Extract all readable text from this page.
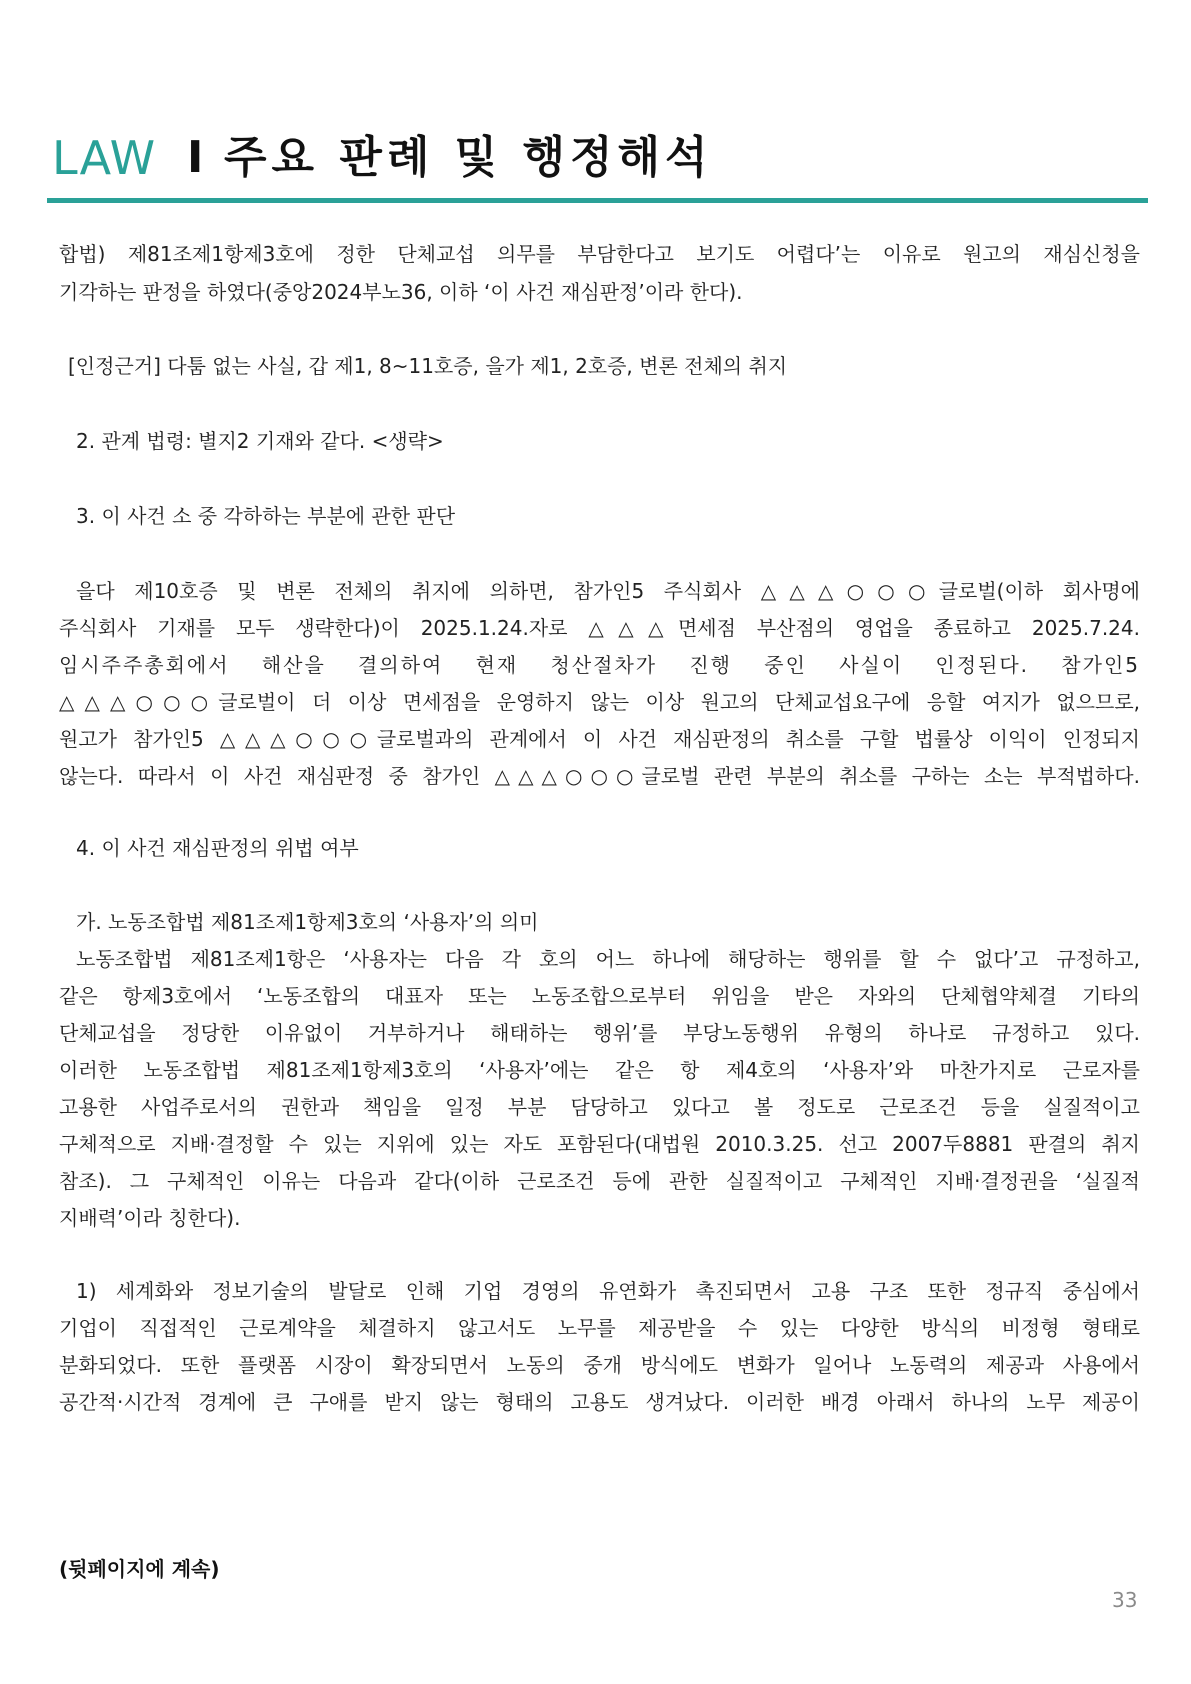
LAW I 주요 판례 및 행정해석
합법) 제81조제1항제3호에 정한 단체교섭 의무를 부담한다고 보기도 어렵다’는 이유로 원고의 재심신청을
기각하는 판정을 하였다(중앙2024부노36, 이하 ‘이 사건 재심판정’이라 한다).
[인정근거] 다툼 없는 사실, 갑 제1, 8~11호증, 을가 제1, 2호증, 변론 전체의 취지
2. 관계 법령: 별지2 기재와 같다. <생략>
3. 이 사건 소 중 각하하는 부분에 관한 판단
을다 제10호증 및 변론 전체의 취지에 의하면, 참가인5 주식회사 △△△○○○글로벌(이하 회사명에
주식회사 기재를 모두 생략한다)이 2025.1.24.자로 △△△면세점 부산점의 영업을 종료하고 2025.7.24.
임시주주총회에서 해산을 결의하여 현재 청산절차가 진행 중인 사실이 인정된다. 참가인5
△△△○○○글로벌이 더 이상 면세점을 운영하지 않는 이상 원고의 단체교섭요구에 응할 여지가 없으므로,
원고가 참가인5 △△△○○○글로벌과의 관계에서 이 사건 재심판정의 취소를 구할 법률상 이익이 인정되지
않는다. 따라서 이 사건 재심판정 중 참가인 △△△○○○글로벌 관련 부분의 취소를 구하는 소는 부적법하다.
4. 이 사건 재심판정의 위법 여부
가. 노동조합법 제81조제1항제3호의 ‘사용자’의 의미
노동조합법 제81조제1항은 ‘사용자는 다음 각 호의 어느 하나에 해당하는 행위를 할 수 없다’고 규정하고,
같은 항제3호에서 ‘노동조합의 대표자 또는 노동조합으로부터 위임을 받은 자와의 단체협약체결 기타의
단체교섭을 정당한 이유없이 거부하거나 해태하는 행위’를 부당노동행위 유형의 하나로 규정하고 있다.
이러한 노동조합법 제81조제1항제3호의 ‘사용자’에는 같은 항 제4호의 ‘사용자’와 마찬가지로 근로자를
고용한 사업주로서의 권한과 책임을 일정 부분 담당하고 있다고 볼 정도로 근로조건 등을 실질적이고
구체적으로 지배·결정할 수 있는 지위에 있는 자도 포함된다(대법원 2010.3.25. 선고 2007두8881 판결의 취지
참조). 그 구체적인 이유는 다음과 같다(이하 근로조건 등에 관한 실질적이고 구체적인 지배·결정권을 ‘실질적
지배력’이라 칭한다).
1) 세계화와 정보기술의 발달로 인해 기업 경영의 유연화가 촉진되면서 고용 구조 또한 정규직 중심에서
기업이 직접적인 근로계약을 체결하지 않고서도 노무를 제공받을 수 있는 다양한 방식의 비정형 형태로
분화되었다. 또한 플랫폼 시장이 확장되면서 노동의 중개 방식에도 변화가 일어나 노동력의 제공과 사용에서
공간적·시간적 경계에 큰 구애를 받지 않는 형태의 고용도 생겨났다. 이러한 배경 아래서 하나의 노무 제공이
(뒷페이지에 계속)
33
